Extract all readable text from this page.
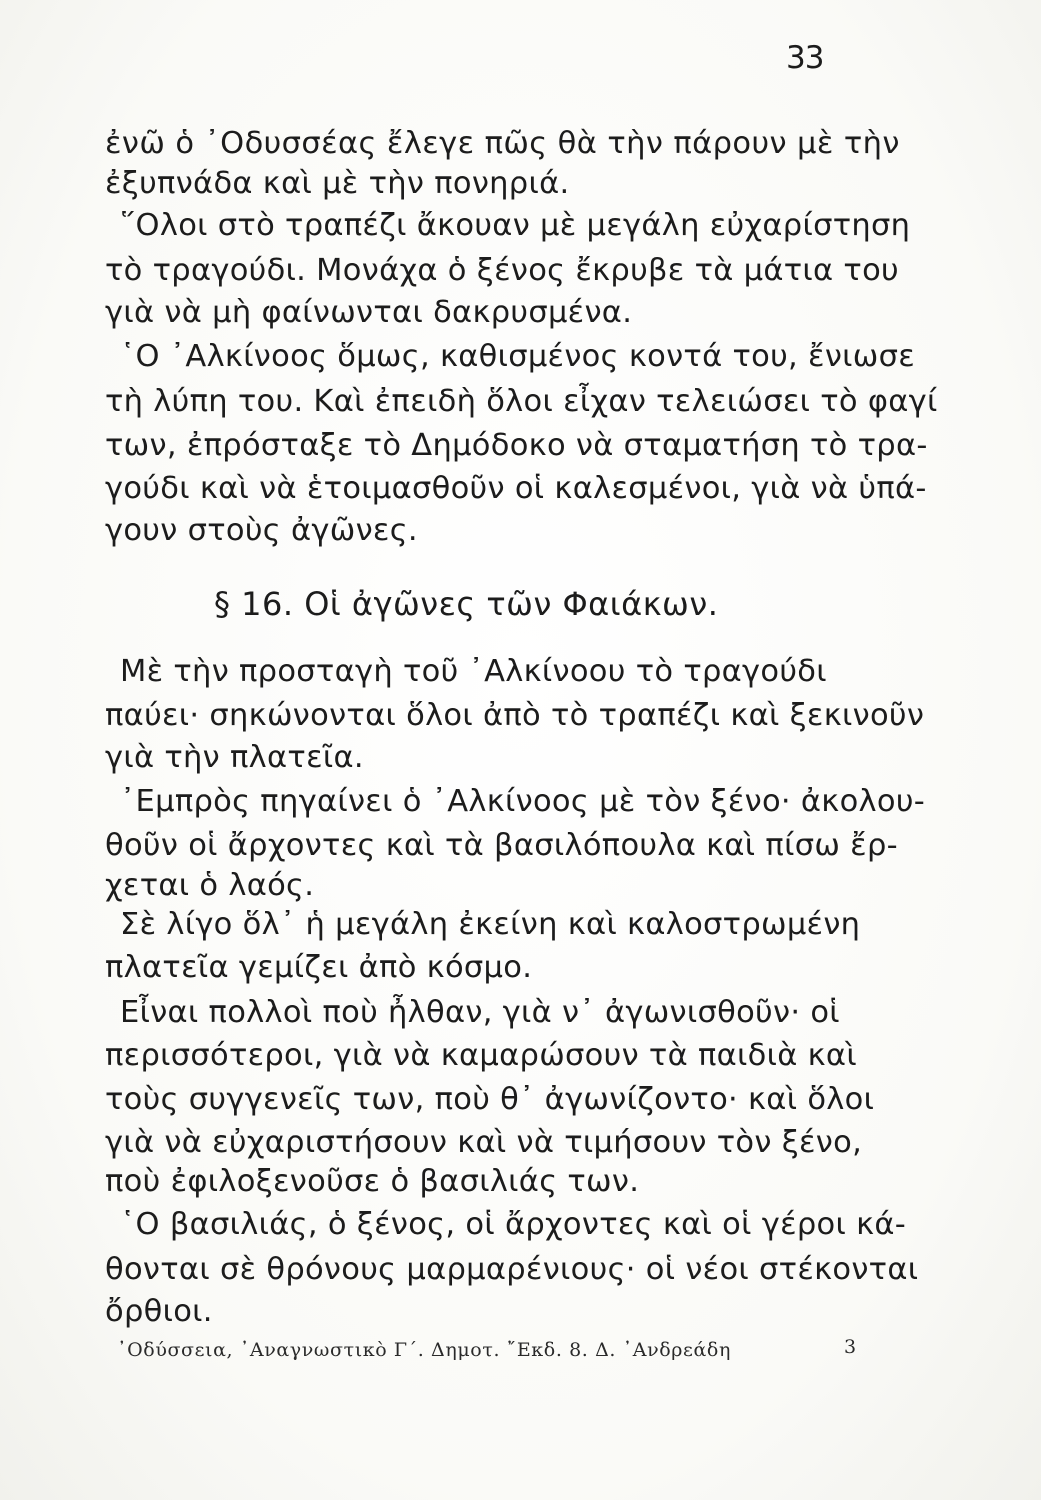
33
ἐνῶ ὁ ᾿Οδυσσέας ἔλεγε πῶς θὰ τὴν πάρουν μὲ τὴν
ἐξυπνάδα καὶ μὲ τὴν πονηριά.
῞Ολοι στὸ τραπέζι ἄκουαν μὲ μεγάλη εὐχαρίστηση
τὸ τραγούδι. Μονάχα ὁ ξένος ἔκρυβε τὰ μάτια του
γιὰ νὰ μὴ φαίνωνται δακρυσμένα.
῾Ο ᾿Αλκίνοος ὅμως, καθισμένος κοντά του, ἔνιωσε
τὴ λύπη του. Καὶ ἐπειδὴ ὅλοι εἶχαν τελειώσει τὸ φαγί
των, ἐπρόσταξε τὸ Δημόδοκο νὰ σταματήση τὸ τρα-
γούδι καὶ νὰ ἑτοιμασθοῦν οἱ καλεσμένοι, γιὰ νὰ ὑπά-
γουν στοὺς ἀγῶνες.
§ 16. Οἱ ἀγῶνες τῶν Φαιάκων.
Μὲ τὴν προσταγὴ τοῦ ᾿Αλκίνοου τὸ τραγούδι
παύει· σηκώνονται ὅλοι ἀπὸ τὸ τραπέζι καὶ ξεκινοῦν
γιὰ τὴν πλατεῖα.
᾿Εμπρὸς πηγαίνει ὁ ᾿Αλκίνοος μὲ τὸν ξένο· ἀκολου-
θοῦν οἱ ἄρχοντες καὶ τὰ βασιλόπουλα καὶ πίσω ἔρ-
χεται ὁ λαός.
Σὲ λίγο ὅλ᾿ ἡ μεγάλη ἐκείνη καὶ καλοστρωμένη
πλατεῖα γεμίζει ἀπὸ κόσμο.
Εἶναι πολλοὶ ποὺ ἦλθαν, γιὰ ν᾿ ἀγωνισθοῦν· οἱ
περισσότεροι, γιὰ νὰ καμαρώσουν τὰ παιδιὰ καὶ
τοὺς συγγενεῖς των, ποὺ θ᾿ ἀγωνίζοντο· καὶ ὅλοι
γιὰ νὰ εὐχαριστήσουν καὶ νὰ τιμήσουν τὸν ξένο,
ποὺ ἐφιλοξενοῦσε ὁ βασιλιάς των.
῾Ο βασιλιάς, ὁ ξένος, οἱ ἄρχοντες καὶ οἱ γέροι κά-
θονται σὲ θρόνους μαρμαρένιους· οἱ νέοι στέκονται
ὄρθιοι.
᾿Οδύσσεια, ᾿Αναγνωστικὸ Γ΄. Δημοτ. ῎Εκδ. 8. Δ. ᾿Ανδρεάδη	3
